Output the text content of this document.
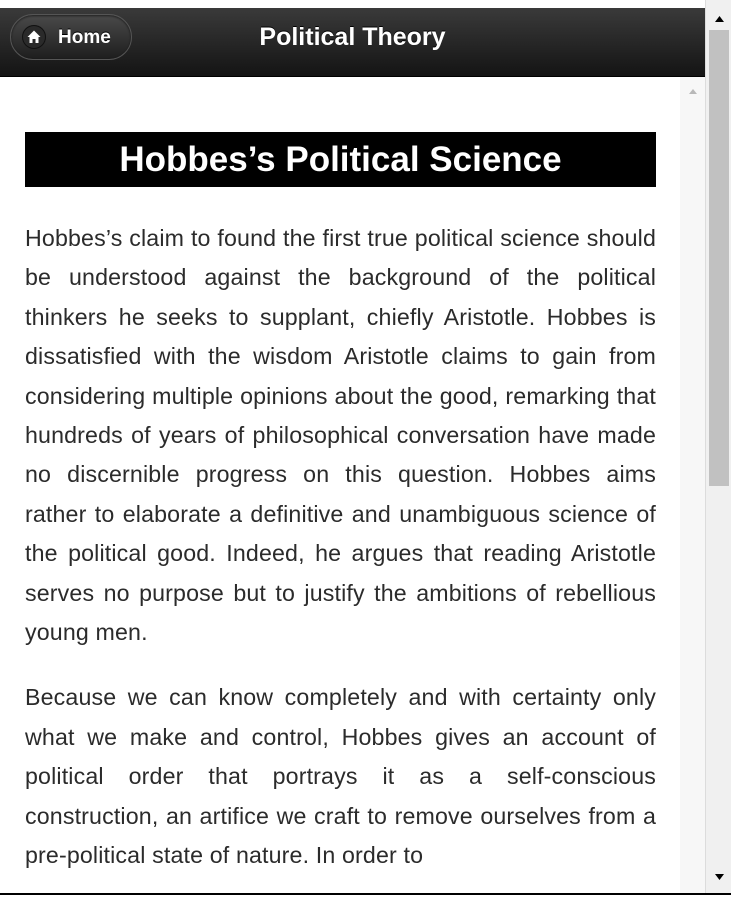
Home	Political Theory
Hobbes’s Political Science

Hobbes’s claim to found the first true political science should be understood against the background of the political thinkers he seeks to supplant, chiefly Aristotle. Hobbes is dissatisfied with the wisdom Aristotle claims to gain from considering multiple opinions about the good, remarking that hundreds of years of philosophical conversation have made no discernible progress on this question. Hobbes aims rather to elaborate a definitive and unambiguous science of the political good. Indeed, he argues that reading Aristotle serves no purpose but to justify the ambitions of rebellious young men.

Because we can know completely and with certainty only what we make and control, Hobbes gives an account of political order that portrays it as a self-conscious construction, an artifice we craft to remove ourselves from a pre-political state of nature. In order to
